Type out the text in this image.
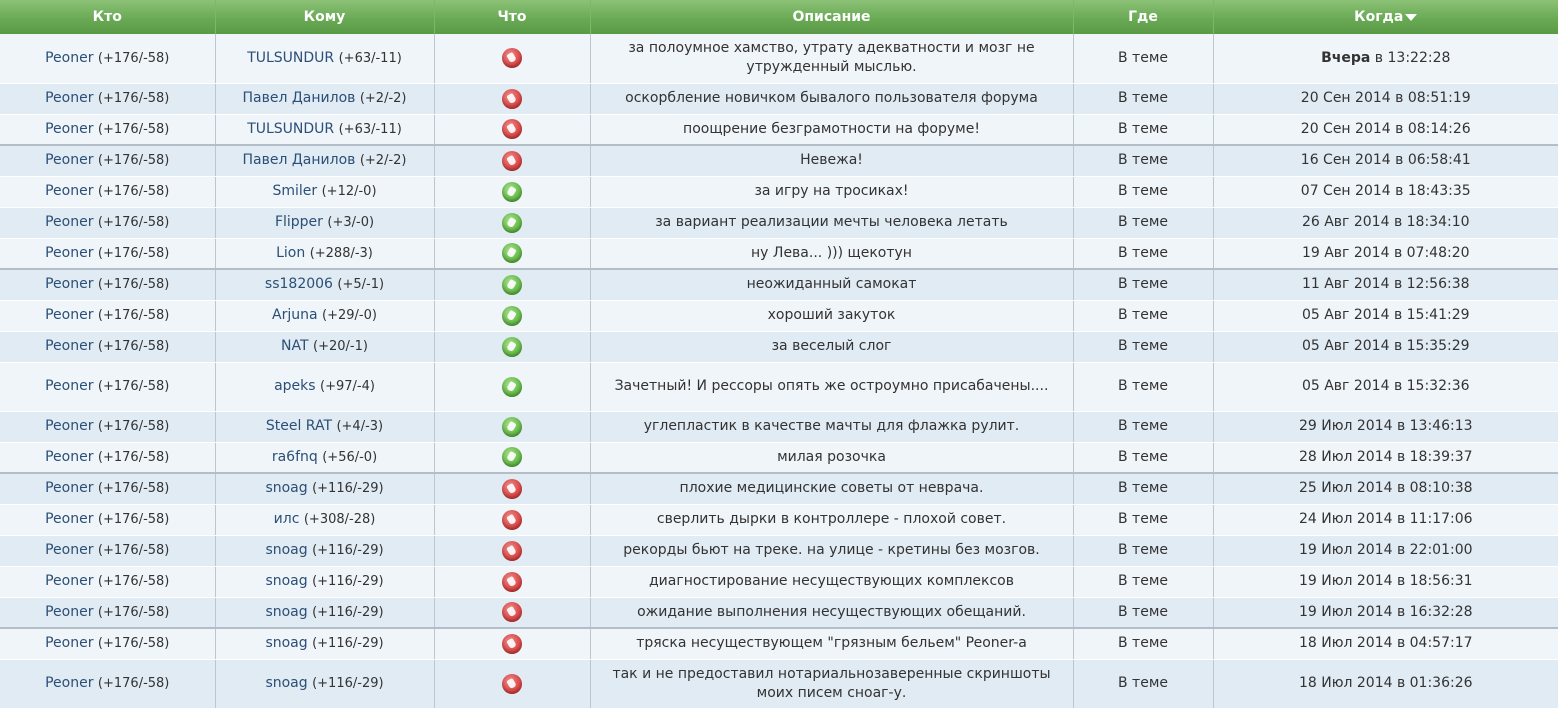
Кто	Кому	Что	Описание	Где	Когда
Peoner (+176/-58)	TULSUNDUR (+63/-11)		за полоумное хамство, утрату адекватности и мозг не утружденный мыслью.	В теме	Вчера в 13:22:28
Peoner (+176/-58)	Павел Данилов (+2/-2)		оскорбление новичком бывалого пользователя форума	В теме	20 Сен 2014 в 08:51:19
Peoner (+176/-58)	TULSUNDUR (+63/-11)		поощрение безграмотности на форуме!	В теме	20 Сен 2014 в 08:14:26
Peoner (+176/-58)	Павел Данилов (+2/-2)		Невежа!	В теме	16 Сен 2014 в 06:58:41
Peoner (+176/-58)	Smiler (+12/-0)		за игру на тросиках!	В теме	07 Сен 2014 в 18:43:35
Peoner (+176/-58)	Flipper (+3/-0)		за вариант реализации мечты человека летать	В теме	26 Авг 2014 в 18:34:10
Peoner (+176/-58)	Lion (+288/-3)		ну Лева... ))) щекотун	В теме	19 Авг 2014 в 07:48:20
Peoner (+176/-58)	ss182006 (+5/-1)		неожиданный самокат	В теме	11 Авг 2014 в 12:56:38
Peoner (+176/-58)	Arjuna (+29/-0)		хороший закуток	В теме	05 Авг 2014 в 15:41:29
Peoner (+176/-58)	NAT (+20/-1)		за веселый слог	В теме	05 Авг 2014 в 15:35:29
Peoner (+176/-58)	apeks (+97/-4)		Зачетный! И рессоры опять же остроумно присабачены....	В теме	05 Авг 2014 в 15:32:36
Peoner (+176/-58)	Steel RAT (+4/-3)		углепластик в качестве мачты для флажка рулит.	В теме	29 Июл 2014 в 13:46:13
Peoner (+176/-58)	ra6fnq (+56/-0)		милая розочка	В теме	28 Июл 2014 в 18:39:37
Peoner (+176/-58)	snoag (+116/-29)		плохие медицинские советы от неврача.	В теме	25 Июл 2014 в 08:10:38
Peoner (+176/-58)	илс (+308/-28)		сверлить дырки в контроллере - плохой совет.	В теме	24 Июл 2014 в 11:17:06
Peoner (+176/-58)	snoag (+116/-29)		рекорды бьют на треке. на улице - кретины без мозгов.	В теме	19 Июл 2014 в 22:01:00
Peoner (+176/-58)	snoag (+116/-29)		диагностирование несуществующих комплексов	В теме	19 Июл 2014 в 18:56:31
Peoner (+176/-58)	snoag (+116/-29)		ожидание выполнения несуществующих обещаний.	В теме	19 Июл 2014 в 16:32:28
Peoner (+176/-58)	snoag (+116/-29)		тряска несуществующем "грязным бельем" Peoner-а	В теме	18 Июл 2014 в 04:57:17
Peoner (+176/-58)	snoag (+116/-29)		так и не предоставил нотариальнозаверенные скриншоты моих писем сноаг-у.	В теме	18 Июл 2014 в 01:36:26
